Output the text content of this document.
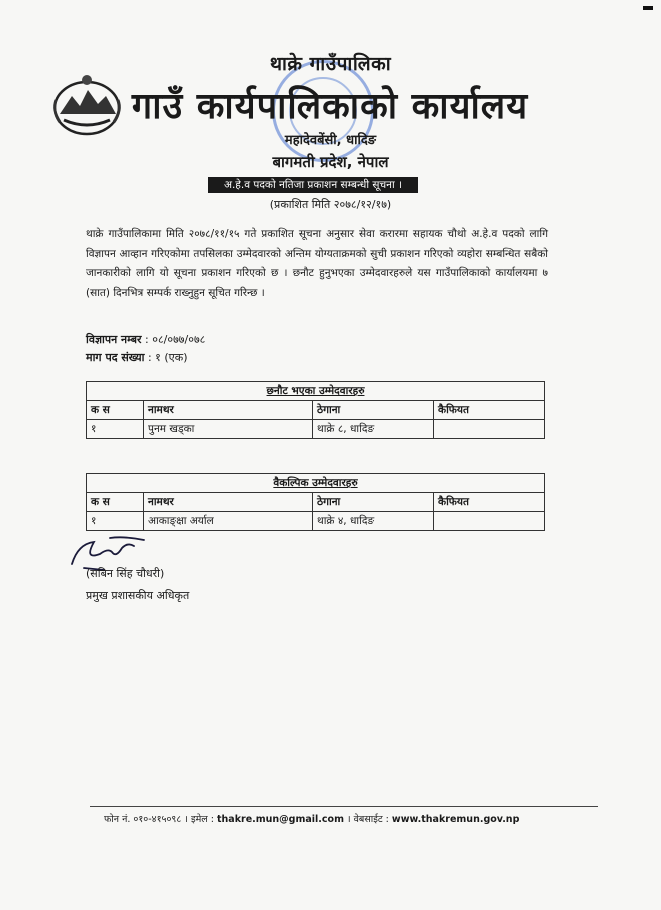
थाक्रे गाउँपालिका
गाउँ कार्यपालिकाको कार्यालय
महादेवबेंसी, धादिङ
बागमती प्रदेश, नेपाल
अ.हे.व पदको नतिजा प्रकाशन सम्बन्धी सूचना ।
(प्रकाशित मिति २०७८/१२/१७)
थाक्रे गाउँपालिकामा मिति २०७८/११/१५ गते प्रकाशित सूचना अनुसार सेवा करारमा सहायक चौथो अ.हे.व पदको लागि विज्ञापन आव्हान गरिएकोमा तपसिलका उम्मेदवारको अन्तिम योग्यताक्रमको सुची प्रकाशन गरिएको व्यहोरा सम्बन्धित सबैको जानकारीको लागि यो सूचना प्रकाशन गरिएको छ । छनौट हुनुभएका उम्मेदवारहरुले यस गाउँपालिकाको कार्यालयमा ७ (सात) दिनभित्र सम्पर्क राख्नुहुन सूचित गरिन्छ ।
विज्ञापन नम्बर : ०८/०७७/०७८
माग पद संख्या : १ (एक)
छनौट भएका उम्मेदवारहरु			
क स	नामथर	ठेगाना	कैफियत
१	पुनम खड्का	थाक्रे ८, धादिङ	
वैकल्पिक उम्मेदवारहरु			
क स	नामथर	ठेगाना	कैफियत
१	आकाङ्क्षा अर्याल	थाक्रे ४, धादिङ	
(सबिन सिंह चौधरी)
प्रमुख प्रशासकीय अधिकृत
फोन नं. ०१०-४१५०९८ । इमेल : thakre.mun@gmail.com । वेबसाईट : www.thakremun.gov.np
